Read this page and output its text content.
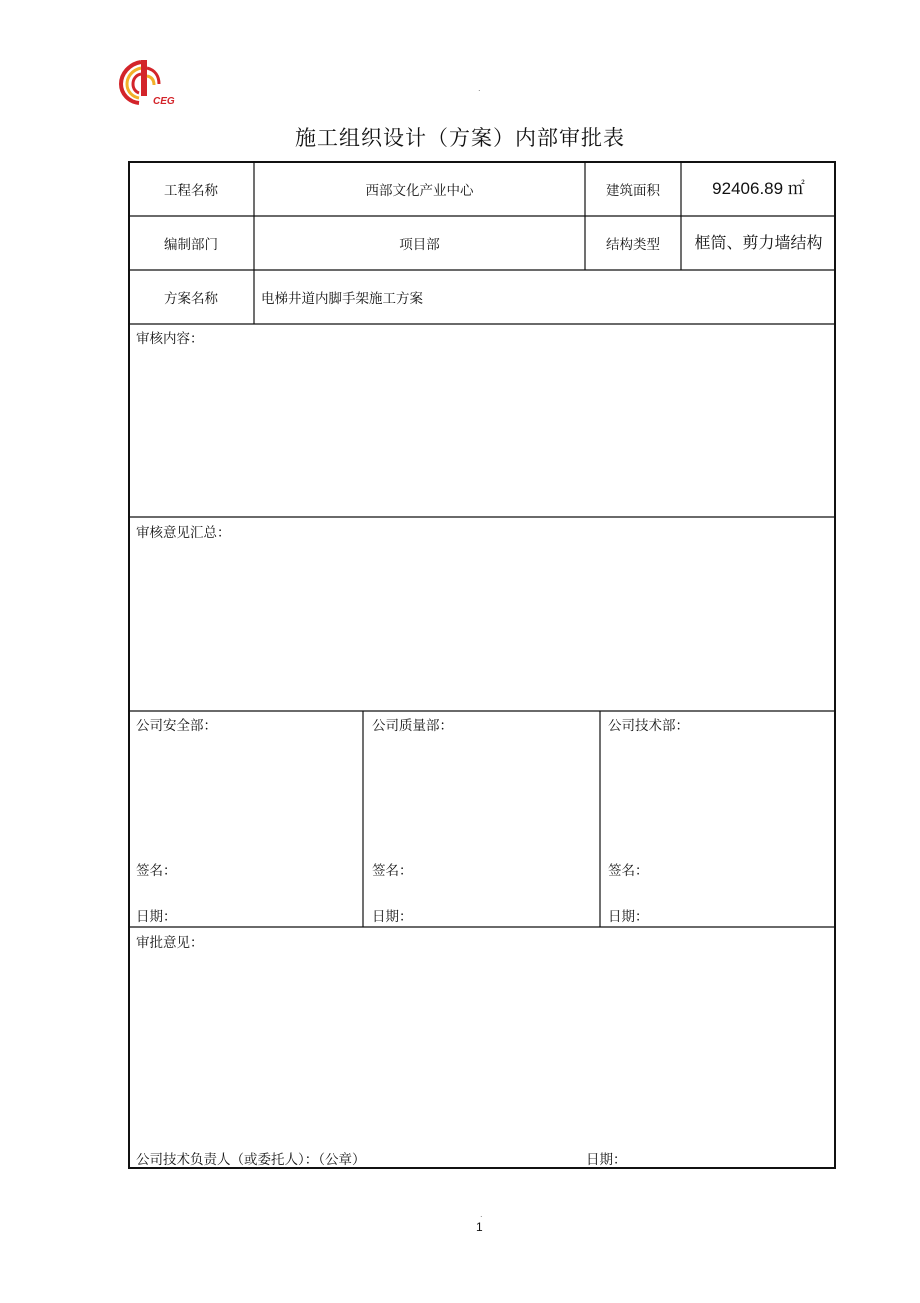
CEG
.
施工组织设计（方案）内部审批表
工程名称	西部文化产业中心	建筑面积	92406.89 ㎡
编制部门	项目部	结构类型	框筒、剪力墙结构
方案名称	电梯井道内脚手架施工方案
审核内容：
审核意见汇总：
公司安全部：
签名：
日期：
公司质量部：
签名：
日期：
公司技术部：
签名：
日期：
审批意见：
公司技术负责人（或委托人）：（公章）	日期：
.
1
